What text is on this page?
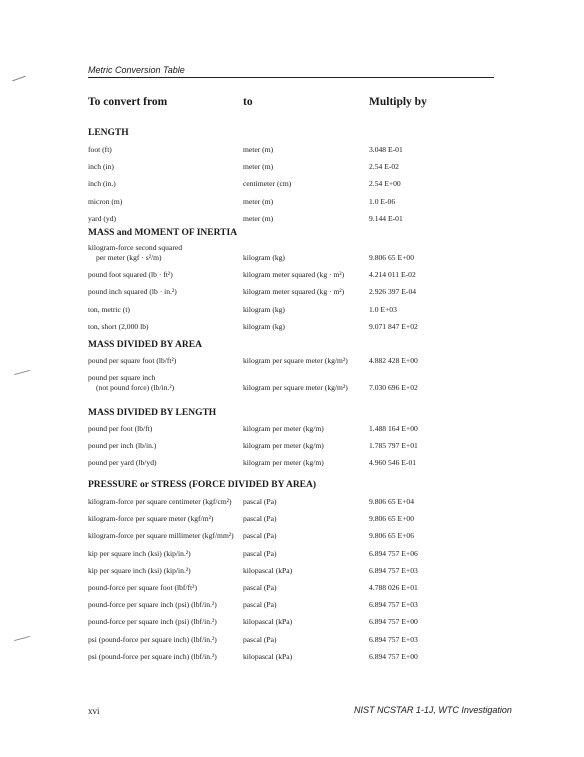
Metric Conversion Table
To convert from	to	Multiply by
LENGTH
foot (ft)	meter (m)	3.048 E-01
inch (in)	meter (m)	2.54 E-02
inch (in.)	centimeter (cm)	2.54 E+00
micron (m)	meter (m)	1.0 E-06
yard (yd)	meter (m)	9.144 E-01
MASS and MOMENT OF INERTIA
kilogram-force second squared
per meter (kgf · s²/m)	kilogram (kg)	9.806 65 E+00
pound foot squared (lb · ft²)	kilogram meter squared (kg · m²)	4.214 011 E-02
pound inch squared (lb · in.²)	kilogram meter squared (kg · m²)	2.926 397 E-04
ton, metric (t)	kilogram (kg)	1.0 E+03
ton, short (2,000 lb)	kilogram (kg)	9.071 847 E+02
MASS DIVIDED BY AREA
pound per square foot (lb/ft²)	kilogram per square meter (kg/m²)	4.882 428 E+00
pound per square inch
(not pound force) (lb/in.²)	kilogram per square meter (kg/m²)	7.030 696 E+02
MASS DIVIDED BY LENGTH
pound per foot (lb/ft)	kilogram per meter (kg/m)	1.488 164 E+00
pound per inch (lb/in.)	kilogram per meter (kg/m)	1.785 797 E+01
pound per yard (lb/yd)	kilogram per meter (kg/m)	4.960 546 E-01
PRESSURE or STRESS (FORCE DIVIDED BY AREA)
kilogram-force per square centimeter (kgf/cm²) pascal (Pa)	9.806 65 E+04
kilogram-force per square meter (kgf/m²)	pascal (Pa)	9.806 65 E+00
kilogram-force per square millimeter (kgf/mm²) pascal (Pa)	9.806 65 E+06
kip per square inch (ksi) (kip/in.²)	pascal (Pa)	6.894 757 E+06
kip per square inch (ksi) (kip/in.²)	kilopascal (kPa)	6.894 757 E+03
pound-force per square foot (lbf/ft²)	pascal (Pa)	4.788 026 E+01
pound-force per square inch (psi) (lbf/in.²)	pascal (Pa)	6.894 757 E+03
pound-force per square inch (psi) (lbf/in.²)	kilopascal (kPa)	6.894 757 E+00
psi (pound-force per square inch) (lbf/in.²)	pascal (Pa)	6.894 757 E+03
psi (pound-force per square inch) (lbf/in.²)	kilopascal (kPa)	6.894 757 E+00
xvi	NIST NCSTAR 1-1J, WTC Investigation
